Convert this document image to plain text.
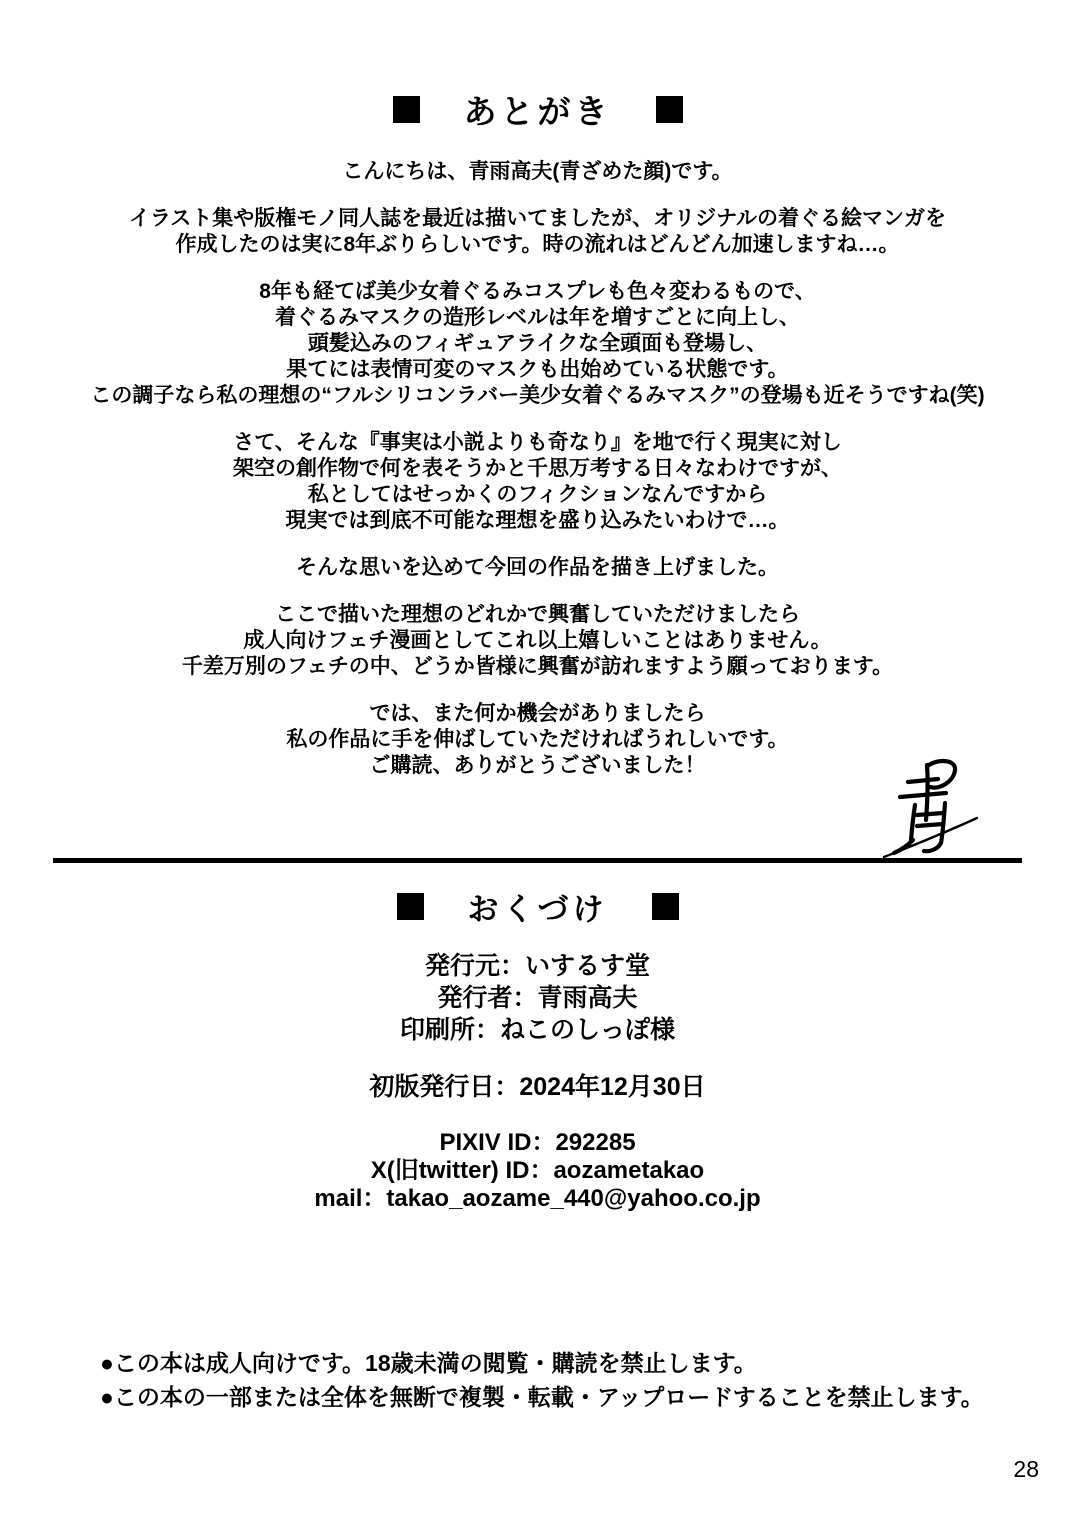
あとがき
こんにちは、青雨高夫(青ざめた顔)です。
イラスト集や版権モノ同人誌を最近は描いてましたが、オリジナルの着ぐる絵マンガを
作成したのは実に8年ぶりらしいです。時の流れはどんどん加速しますね…。
8年も経てば美少女着ぐるみコスプレも色々変わるもので、
着ぐるみマスクの造形レベルは年を増すごとに向上し、
頭髪込みのフィギュアライクな全頭面も登場し、
果てには表情可変のマスクも出始めている状態です。
この調子なら私の理想の“フルシリコンラバー美少女着ぐるみマスク”の登場も近そうですね(笑)
さて、そんな『事実は小説よりも奇なり』を地で行く現実に対し
架空の創作物で何を表そうかと千思万考する日々なわけですが、
私としてはせっかくのフィクションなんですから
現実では到底不可能な理想を盛り込みたいわけで…。
そんな思いを込めて今回の作品を描き上げました。
ここで描いた理想のどれかで興奮していただけましたら
成人向けフェチ漫画としてこれ以上嬉しいことはありません。
千差万別のフェチの中、どうか皆様に興奮が訪れますよう願っております。
では、また何か機会がありましたら
私の作品に手を伸ばしていただければうれしいです。
ご購読、ありがとうございました！
おくづけ
発行元：いするす堂
発行者：青雨高夫
印刷所：ねこのしっぽ様
初版発行日：2024年12月30日
PIXIV ID：292285
X(旧twitter) ID：aozametakao
mail：takao_aozame_440@yahoo.co.jp
●この本は成人向けです。18歳未満の閲覧・購読を禁止します。
●この本の一部または全体を無断で複製・転載・アップロードすることを禁止します。
28
